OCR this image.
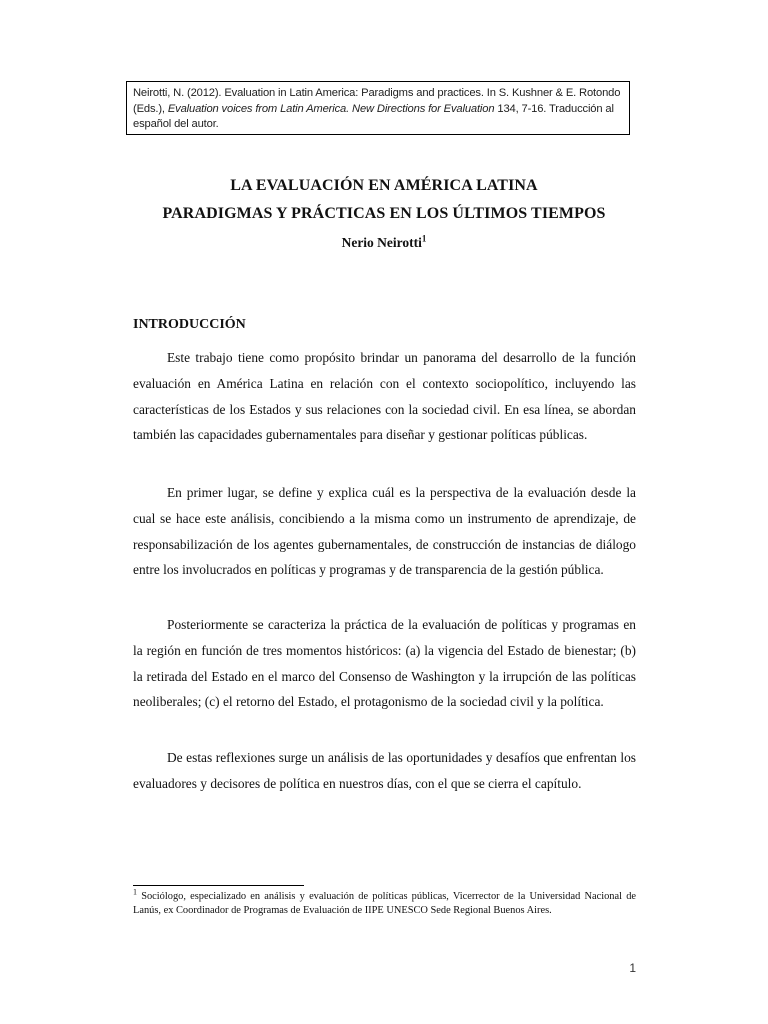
Neirotti, N. (2012). Evaluation in Latin America: Paradigms and practices. In S. Kushner & E. Rotondo (Eds.), Evaluation voices from Latin America. New Directions for Evaluation 134, 7-16. Traducción al español del autor.
LA EVALUACIÓN EN AMÉRICA LATINA
PARADIGMAS Y PRÁCTICAS EN LOS ÚLTIMOS TIEMPOS
Nerio Neirotti$^1$
INTRODUCCIÓN

Este trabajo tiene como propósito brindar un panorama del desarrollo de la función evaluación en América Latina en relación con el contexto sociopolítico, incluyendo las características de los Estados y sus relaciones con la sociedad civil. En esa línea, se abordan también las capacidades gubernamentales para diseñar y gestionar políticas públicas.

En primer lugar, se define y explica cuál es la perspectiva de la evaluación desde la cual se hace este análisis, concibiendo a la misma como un instrumento de aprendizaje, de responsabilización de los agentes gubernamentales, de construcción de instancias de diálogo entre los involucrados en políticas y programas y de transparencia de la gestión pública.

Posteriormente se caracteriza la práctica de la evaluación de políticas y programas en la región en función de tres momentos históricos: (a) la vigencia del Estado de bienestar; (b) la retirada del Estado en el marco del Consenso de Washington y la irrupción de las políticas neoliberales; (c) el retorno del Estado, el protagonismo de la sociedad civil y la política.

De estas reflexiones surge un análisis de las oportunidades y desafíos que enfrentan los evaluadores y decisores de política en nuestros días, con el que se cierra el capítulo.

$^1$ Sociólogo, especializado en análisis y evaluación de políticas públicas, Vicerrector de la Universidad Nacional de Lanús, ex Coordinador de Programas de Evaluación de IIPE UNESCO Sede Regional Buenos Aires.
1
